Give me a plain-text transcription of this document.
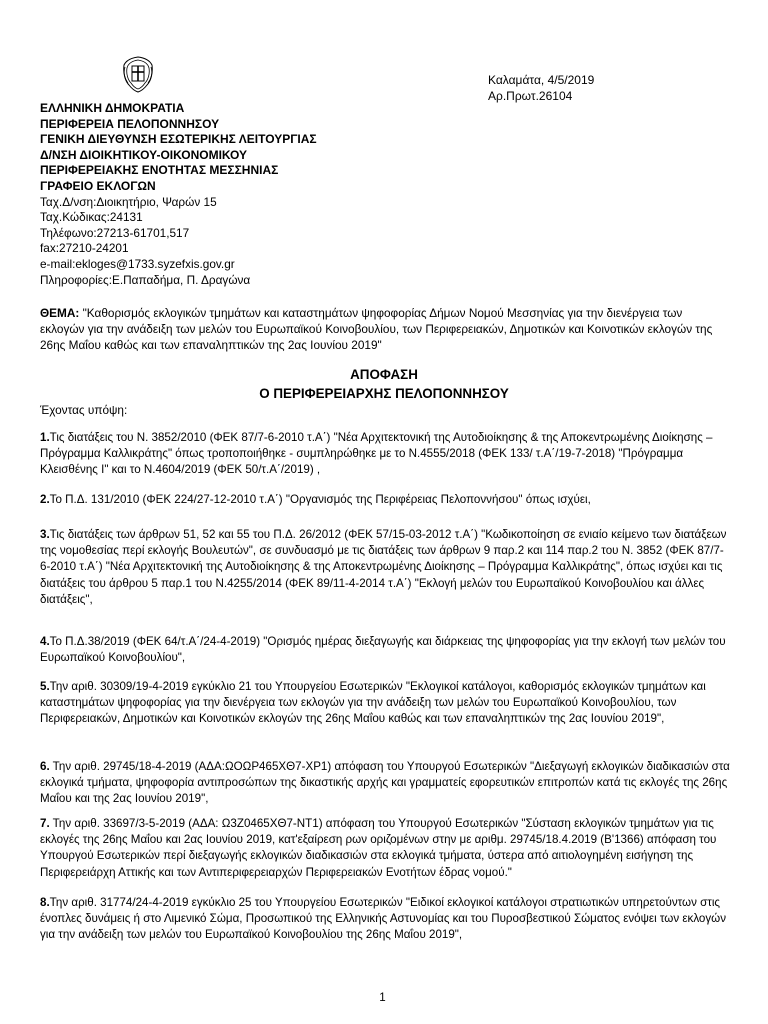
Καλαμάτα, 4/5/2019
Αρ.Πρωτ.26104
ΕΛΛΗΝΙΚΗ ΔΗΜΟΚΡΑΤΙΑ
ΠΕΡΙΦΕΡΕΙΑ ΠΕΛΟΠΟΝΝΗΣΟΥ
ΓΕΝΙΚΗ ΔΙΕΥΘΥΝΣΗ ΕΣΩΤΕΡΙΚΗΣ ΛΕΙΤΟΥΡΓΙΑΣ
Δ/ΝΣΗ ΔΙΟΙΚΗΤΙΚΟΥ-ΟΙΚΟΝΟΜΙΚΟΥ
ΠΕΡΙΦΕΡΕΙΑΚΗΣ ΕΝΟΤΗΤΑΣ ΜΕΣΣΗΝΙΑΣ
ΓΡΑΦΕΙΟ ΕΚΛΟΓΩΝ
Ταχ.Δ/νση:Διοικητήριο, Ψαρών 15
Ταχ.Κώδικας:24131
Τηλέφωνο:27213-61701,517
fax:27210-24201
e-mail:ekloges@1733.syzefxis.gov.gr
Πληροφορίες:Ε.Παπαδήμα, Π. Δραγώνα
ΘΕΜΑ: "Καθορισμός εκλογικών τμημάτων και καταστημάτων ψηφοφορίας Δήμων Νομού Μεσσηνίας για την διενέργεια των εκλογών για την ανάδειξη των μελών του Ευρωπαϊκού Κοινοβουλίου, των Περιφερειακών, Δημοτικών και Κοινοτικών εκλογών της 26ης Μαΐου καθώς και των επαναληπτικών της 2ας Ιουνίου 2019"
ΑΠΟΦΑΣΗ
Ο ΠΕΡΙΦΕΡΕΙΑΡΧΗΣ ΠΕΛΟΠΟΝΝΗΣΟΥ
Έχοντας υπόψη:
1.Τις διατάξεις του Ν. 3852/2010 (ΦΕΚ 87/7-6-2010 τ.Α΄) "Νέα Αρχιτεκτονική της Αυτοδιοίκησης & της Αποκεντρωμένης Διοίκησης – Πρόγραμμα Καλλικράτης" όπως τροποποιήθηκε - συμπληρώθηκε με το Ν.4555/2018 (ΦΕΚ 133/ τ.Α΄/19-7-2018) "Πρόγραμμα Κλεισθένης Ι" και το Ν.4604/2019 (ΦΕΚ 50/τ.Α΄/2019) ,
2.Το Π.Δ. 131/2010 (ΦΕΚ 224/27-12-2010 τ.Α΄) "Οργανισμός της Περιφέρειας Πελοποννήσου" όπως ισχύει,
3.Τις διατάξεις των άρθρων 51, 52 και 55 του Π.Δ. 26/2012 (ΦΕΚ 57/15-03-2012 τ.Α΄) "Κωδικοποίηση σε ενιαίο κείμενο των διατάξεων της νομοθεσίας περί εκλογής Βουλευτών", σε συνδυασμό με τις διατάξεις των άρθρων 9 παρ.2 και 114 παρ.2 του Ν. 3852 (ΦΕΚ 87/7-6-2010 τ.Α΄) "Νέα Αρχιτεκτονική της Αυτοδιοίκησης & της Αποκεντρωμένης Διοίκησης – Πρόγραμμα Καλλικράτης", όπως ισχύει και τις διατάξεις του άρθρου 5 παρ.1 του Ν.4255/2014 (ΦΕΚ 89/11-4-2014 τ.Α΄) "Εκλογή μελών του Ευρωπαϊκού Κοινοβουλίου και άλλες διατάξεις",
4.Το Π.Δ.38/2019 (ΦΕΚ 64/τ.Α΄/24-4-2019) "Ορισμός ημέρας διεξαγωγής και διάρκειας της ψηφοφορίας για την εκλογή των μελών του Ευρωπαϊκού Κοινοβουλίου",
5.Την αριθ. 30309/19-4-2019 εγκύκλιο 21 του Υπουργείου Εσωτερικών "Εκλογικοί κατάλογοι, καθορισμός εκλογικών τμημάτων και καταστημάτων ψηφοφορίας για την διενέργεια των εκλογών για την ανάδειξη των μελών του Ευρωπαϊκού Κοινοβουλίου, των Περιφερειακών, Δημοτικών και Κοινοτικών εκλογών της 26ης Μαΐου καθώς και των επαναληπτικών της 2ας Ιουνίου 2019",
6. Την αριθ. 29745/18-4-2019 (ΑΔΑ:ΩΟΩΡ465ΧΘ7-ΧΡ1) απόφαση του Υπουργού Εσωτερικών "Διεξαγωγή εκλογικών διαδικασιών στα εκλογικά τμήματα, ψηφοφορία αντιπροσώπων της δικαστικής αρχής και γραμματείς εφορευτικών επιτροπών κατά τις εκλογές της 26ης Μαΐου και της 2ας Ιουνίου 2019",
7. Την αριθ. 33697/3-5-2019 (ΑΔΑ: Ω3Ζ0465ΧΘ7-ΝΤ1) απόφαση του Υπουργού Εσωτερικών "Σύσταση εκλογικών τμημάτων για τις εκλογές της 26ης Μαΐου και 2ας Ιουνίου 2019, κατ'εξαίρεση ρων οριζομένων στην με αριθμ. 29745/18.4.2019 (Β'1366) απόφαση του Υπουργού Εσωτερικών περί διεξαγωγής εκλογικών διαδικασιών στα εκλογικά τμήματα, ύστερα από αιτιολογημένη εισήγηση της Περιφερειάρχη Αττικής και των Αντιπεριφερειαρχών Περιφερειακών Ενοτήτων έδρας νομού."
8.Την αριθ. 31774/24-4-2019 εγκύκλιο 25 του Υπουργείου Εσωτερικών "Ειδικοί εκλογικοί κατάλογοι στρατιωτικών υπηρετούντων στις ένοπλες δυνάμεις ή στο Λιμενικό Σώμα, Προσωπικού της Ελληνικής Αστυνομίας και του Πυροσβεστικού Σώματος ενόψει των εκλογών για την ανάδειξη των μελών του Ευρωπαϊκού Κοινοβουλίου της 26ης Μαΐου 2019",
1
